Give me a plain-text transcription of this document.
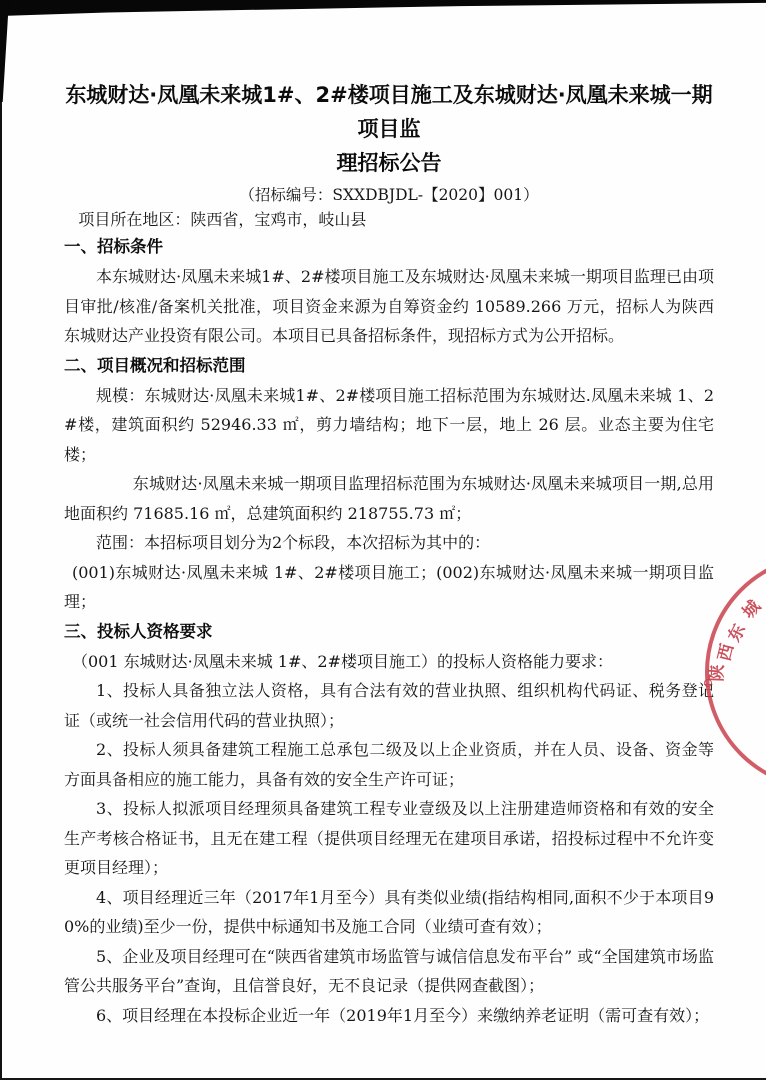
东城财达·凤凰未来城1#、2#楼项目施工及东城财达·凤凰未来城一期项目监
理招标公告
（招标编号：SXXDBJDL-【2020】001）
项目所在地区：陕西省，宝鸡市，岐山县
一、招标条件

本东城财达·凤凰未来城1#、2#楼项目施工及东城财达·凤凰未来城一期项目监理已由项目审批/核准/备案机关批准，项目资金来源为自筹资金约 10589.266 万元，招标人为陕西东城财达产业投资有限公司。本项目已具备招标条件，现招标方式为公开招标。

二、项目概况和招标范围

规模：东城财达·凤凰未来城1#、2#楼项目施工招标范围为东城财达.凤凰未来城 1、2#楼，建筑面积约 52946.33 ㎡，剪力墙结构；地下一层，地上 26 层。业态主要为住宅楼；

东城财达·凤凰未来城一期项目监理招标范围为东城财达·凤凰未来城项目一期,总用地面积约 71685.16 ㎡，总建筑面积约 218755.73 ㎡；

范围：本招标项目划分为2个标段，本次招标为其中的：

(001)东城财达·凤凰未来城 1#、2#楼项目施工；(002)东城财达·凤凰未来城一期项目监理；

三、投标人资格要求

（001 东城财达·凤凰未来城 1#、2#楼项目施工）的投标人资格能力要求：

1、投标人具备独立法人资格，具有合法有效的营业执照、组织机构代码证、税务登记证（或统一社会信用代码的营业执照）；

2、投标人须具备建筑工程施工总承包二级及以上企业资质，并在人员、设备、资金等方面具备相应的施工能力，具备有效的安全生产许可证；

3、投标人拟派项目经理须具备建筑工程专业壹级及以上注册建造师资格和有效的安全生产考核合格证书，且无在建工程（提供项目经理无在建项目承诺，招投标过程中不允许变更项目经理）；

4、项目经理近三年（2017年1月至今）具有类似业绩(指结构相同,面积不少于本项目90%的业绩)至少一份，提供中标通知书及施工合同（业绩可查有效）；

5、企业及项目经理可在“陕西省建筑市场监管与诚信信息发布平台” 或“全国建筑市场监管公共服务平台”查询，且信誉良好，无不良记录（提供网查截图）；

6、项目经理在本投标企业近一年（2019年1月至今）来缴纳养老证明（需可查有效）；

城
东
西
陕
